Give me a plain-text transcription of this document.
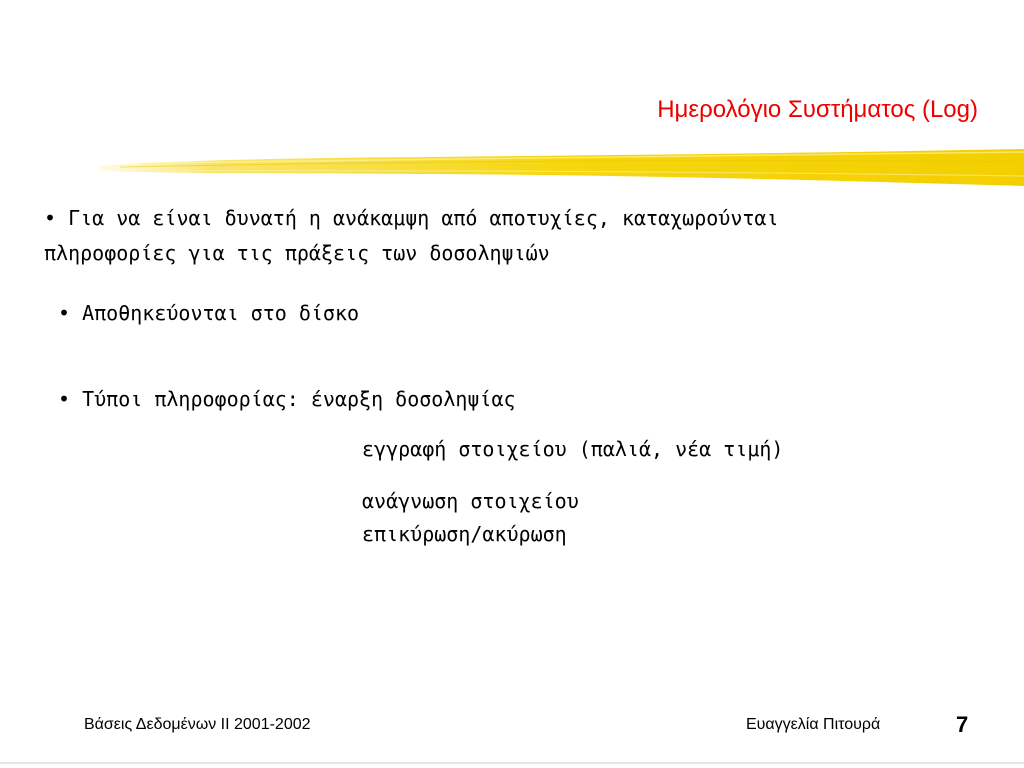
Ημερολόγιο Συστήματος (Log)
• Για να είναι δυνατή η ανάκαμψη από αποτυχίες, καταχωρούνται
πληροφορίες για τις πράξεις των δοσοληψιών
• Αποθηκεύονται στο δίσκο
• Τύποι πληροφορίας: έναρξη δοσοληψίας
εγγραφή στοιχείου (παλιά, νέα τιμή)
ανάγνωση στοιχείου
επικύρωση/ακύρωση
Βάσεις Δεδομένων ΙΙ 2001-2002	Ευαγγελία Πιτουρά	7
